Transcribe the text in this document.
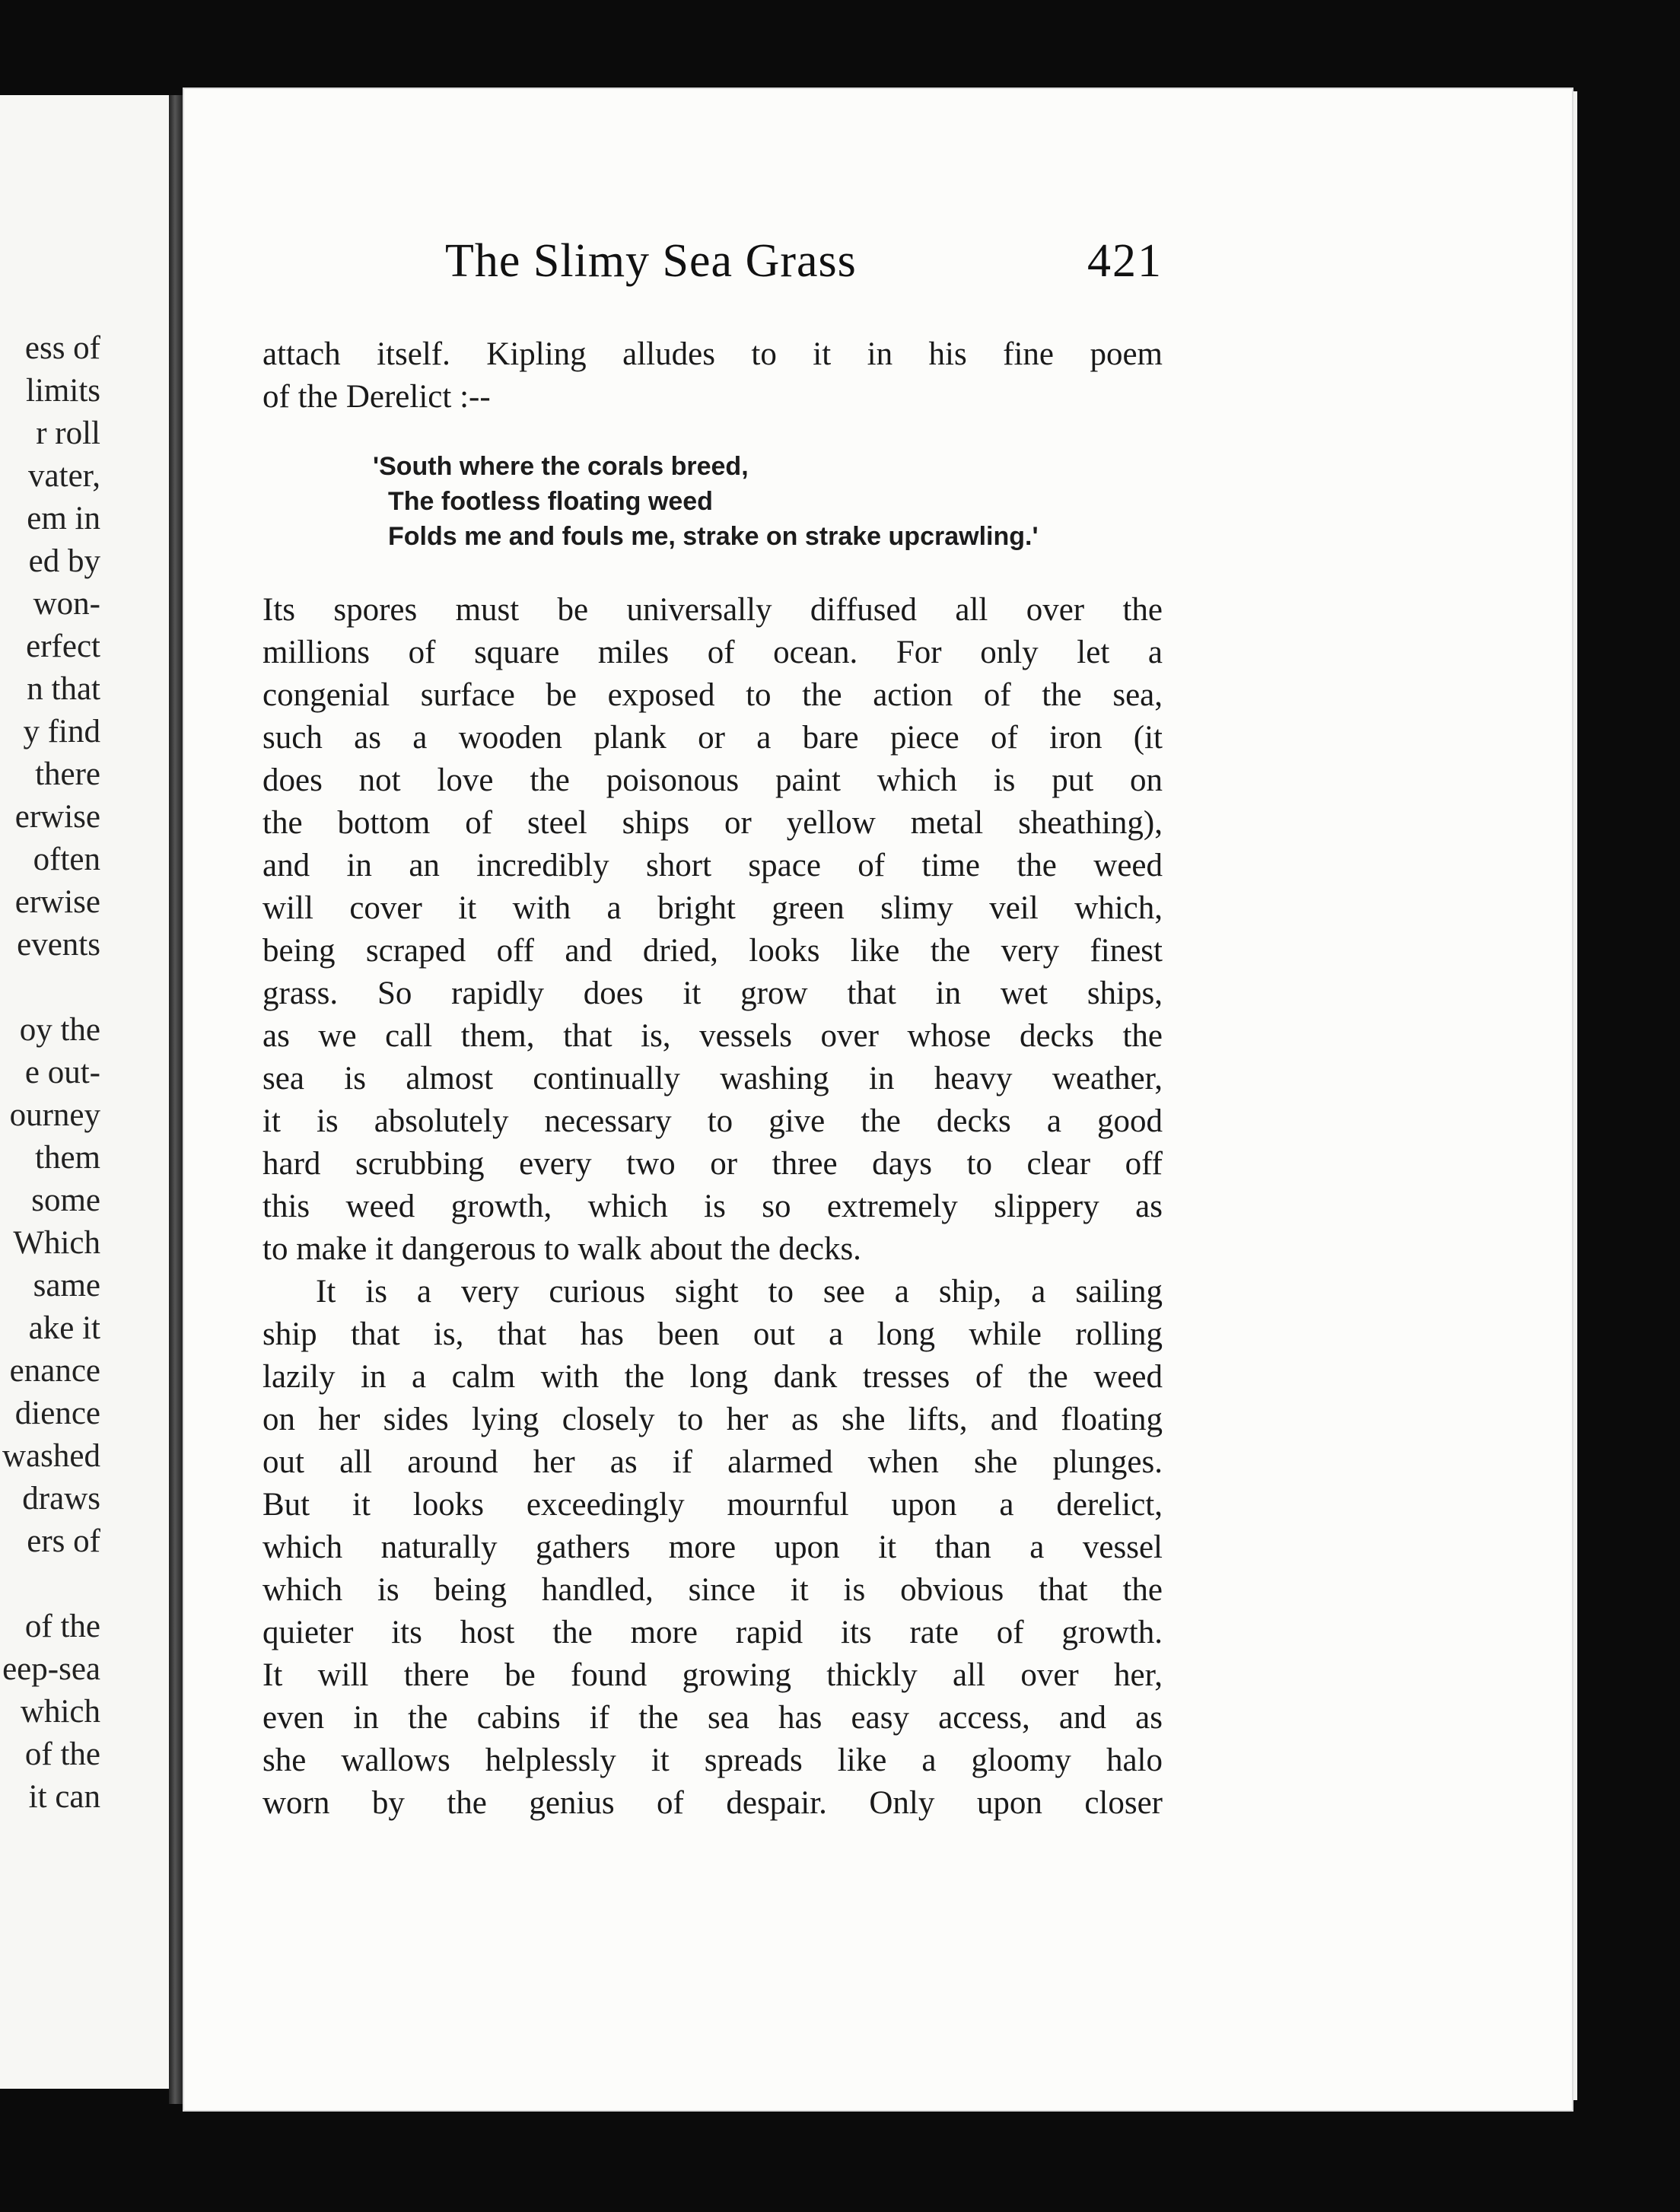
ess of
limits
r roll
vater,
em in
ed by
won-
erfect
n that
y find
there
erwise
often
erwise
events
oy the
e out-
ourney
them
some
Which
same
ake it
enance
dience
washed
draws
ers of
of the
eep-sea
which
of the
it can
The Slimy Sea Grass	421
attach itself. Kipling alludes to it in his fine poem
of the Derelict :--
'South where the corals breed,
The footless floating weed
Folds me and fouls me, strake on strake upcrawling.'
Its spores must be universally diffused all over the
millions of square miles of ocean. For only let a
congenial surface be exposed to the action of the sea,
such as a wooden plank or a bare piece of iron (it
does not love the poisonous paint which is put on
the bottom of steel ships or yellow metal sheathing),
and in an incredibly short space of time the weed
will cover it with a bright green slimy veil which,
being scraped off and dried, looks like the very finest
grass. So rapidly does it grow that in wet ships,
as we call them, that is, vessels over whose decks the
sea is almost continually washing in heavy weather,
it is absolutely necessary to give the decks a good
hard scrubbing every two or three days to clear off
this weed growth, which is so extremely slippery as
to make it dangerous to walk about the decks.
It is a very curious sight to see a ship, a sailing
ship that is, that has been out a long while rolling
lazily in a calm with the long dank tresses of the weed
on her sides lying closely to her as she lifts, and floating
out all around her as if alarmed when she plunges.
But it looks exceedingly mournful upon a derelict,
which naturally gathers more upon it than a vessel
which is being handled, since it is obvious that the
quieter its host the more rapid its rate of growth.
It will there be found growing thickly all over her,
even in the cabins if the sea has easy access, and as
she wallows helplessly it spreads like a gloomy halo
worn by the genius of despair. Only upon closer
